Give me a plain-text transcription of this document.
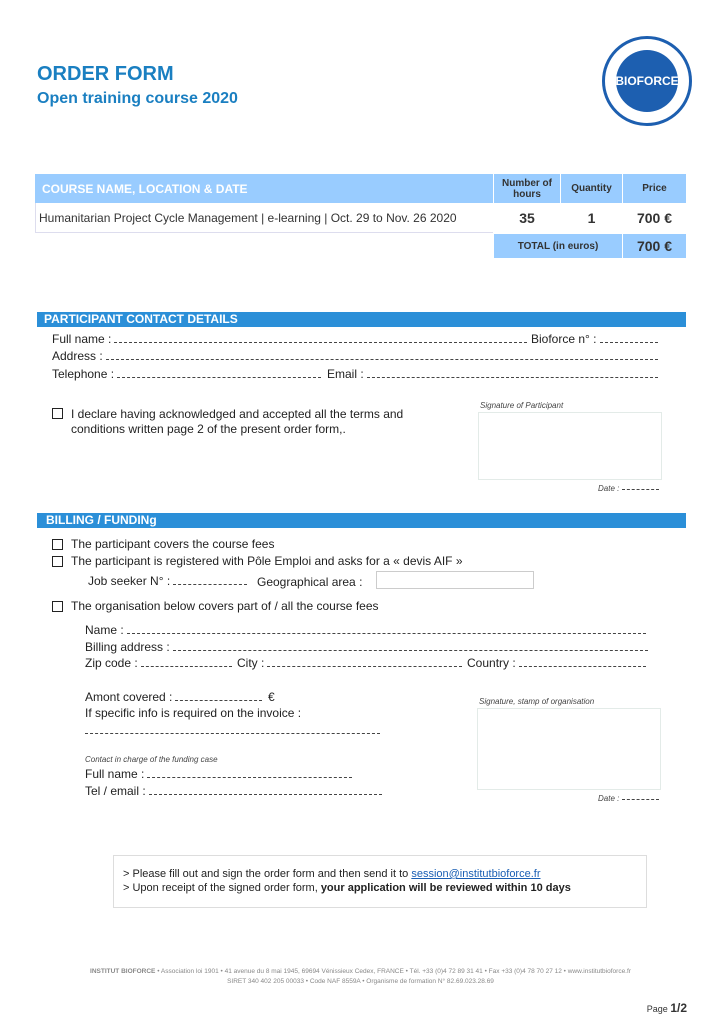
ORDER FORM
Open training course 2020
BIOFORCE
COURSE NAME, LOCATION & DATE	Number of hours	Quantity	Price
Humanitarian Project Cycle Management | e-learning | Oct. 29 to Nov. 26 2020	35	1	700 €
TOTAL (in euros)	700 €
PARTICIPANT CONTACT DETAILS
Full name :	Bioforce n° :
Address :
Telephone :	Email :
I declare having acknowledged and accepted all the terms and conditions written page 2 of the present order form,.
Signature of Participant
Date :
BILLING / FUNDINg
The participant covers the course fees
The participant is registered with Pôle Emploi and asks for a « devis AIF »
Job seeker N° :	Geographical area :
The organisation below covers part of / all the course fees
Name :
Billing address :
Zip code :	City :	Country :
Amont covered :	€
If specific info is required on the invoice :
Contact in charge of the funding case
Full name :
Tel / email :
Signature, stamp of organisation
Date :
> Please fill out and sign the order form and then send it to session@institutbioforce.fr
> Upon receipt of the signed order form, your application will be reviewed within 10 days
INSTITUT BIOFORCE • Association loi 1901 • 41 avenue du 8 mai 1945, 69694 Vénissieux Cedex, FRANCE • Tél. +33 (0)4 72 89 31 41 • Fax +33 (0)4 78 70 27 12 • www.institutbioforce.fr
SIRET 340 402 205 00033 • Code NAF 8559A • Organisme de formation N° 82.69.023.28.69
Page 1/2
